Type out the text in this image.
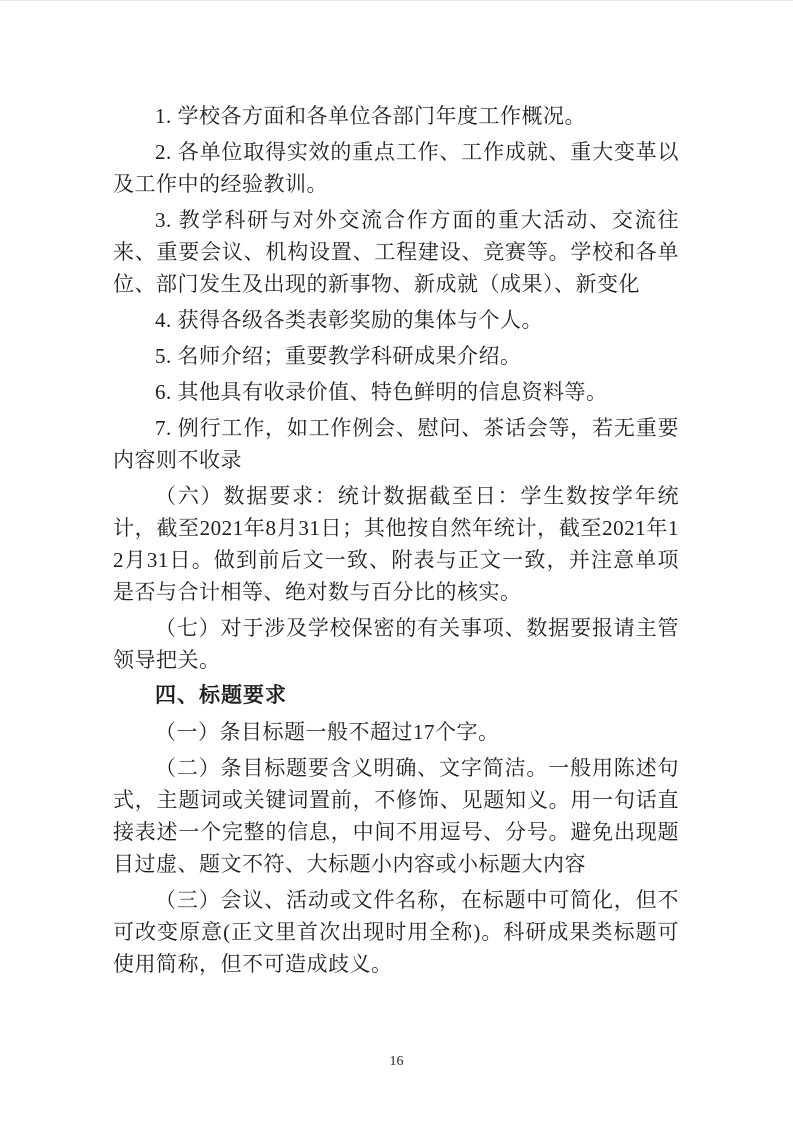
1. 学校各方面和各单位各部门年度工作概况。

2. 各单位取得实效的重点工作、工作成就、重大变革以及工作中的经验教训。

3. 教学科研与对外交流合作方面的重大活动、交流往来、重要会议、机构设置、工程建设、竞赛等。学校和各单位、部门发生及出现的新事物、新成就（成果）、新变化

4. 获得各级各类表彰奖励的集体与个人。

5. 名师介绍；重要教学科研成果介绍。

6. 其他具有收录价值、特色鲜明的信息资料等。

7. 例行工作，如工作例会、慰问、茶话会等，若无重要内容则不收录

（六）数据要求：统计数据截至日：学生数按学年统计，截至2021年8月31日；其他按自然年统计，截至2021年12月31日。做到前后文一致、附表与正文一致，并注意单项是否与合计相等、绝对数与百分比的核实。

（七）对于涉及学校保密的有关事项、数据要报请主管领导把关。

四、标题要求

（一）条目标题一般不超过17个字。

（二）条目标题要含义明确、文字简洁。一般用陈述句式，主题词或关键词置前，不修饰、见题知义。用一句话直接表述一个完整的信息，中间不用逗号、分号。避免出现题目过虚、题文不符、大标题小内容或小标题大内容

（三）会议、活动或文件名称，在标题中可简化，但不可改变原意(正文里首次出现时用全称)。科研成果类标题可使用简称，但不可造成歧义。

16
